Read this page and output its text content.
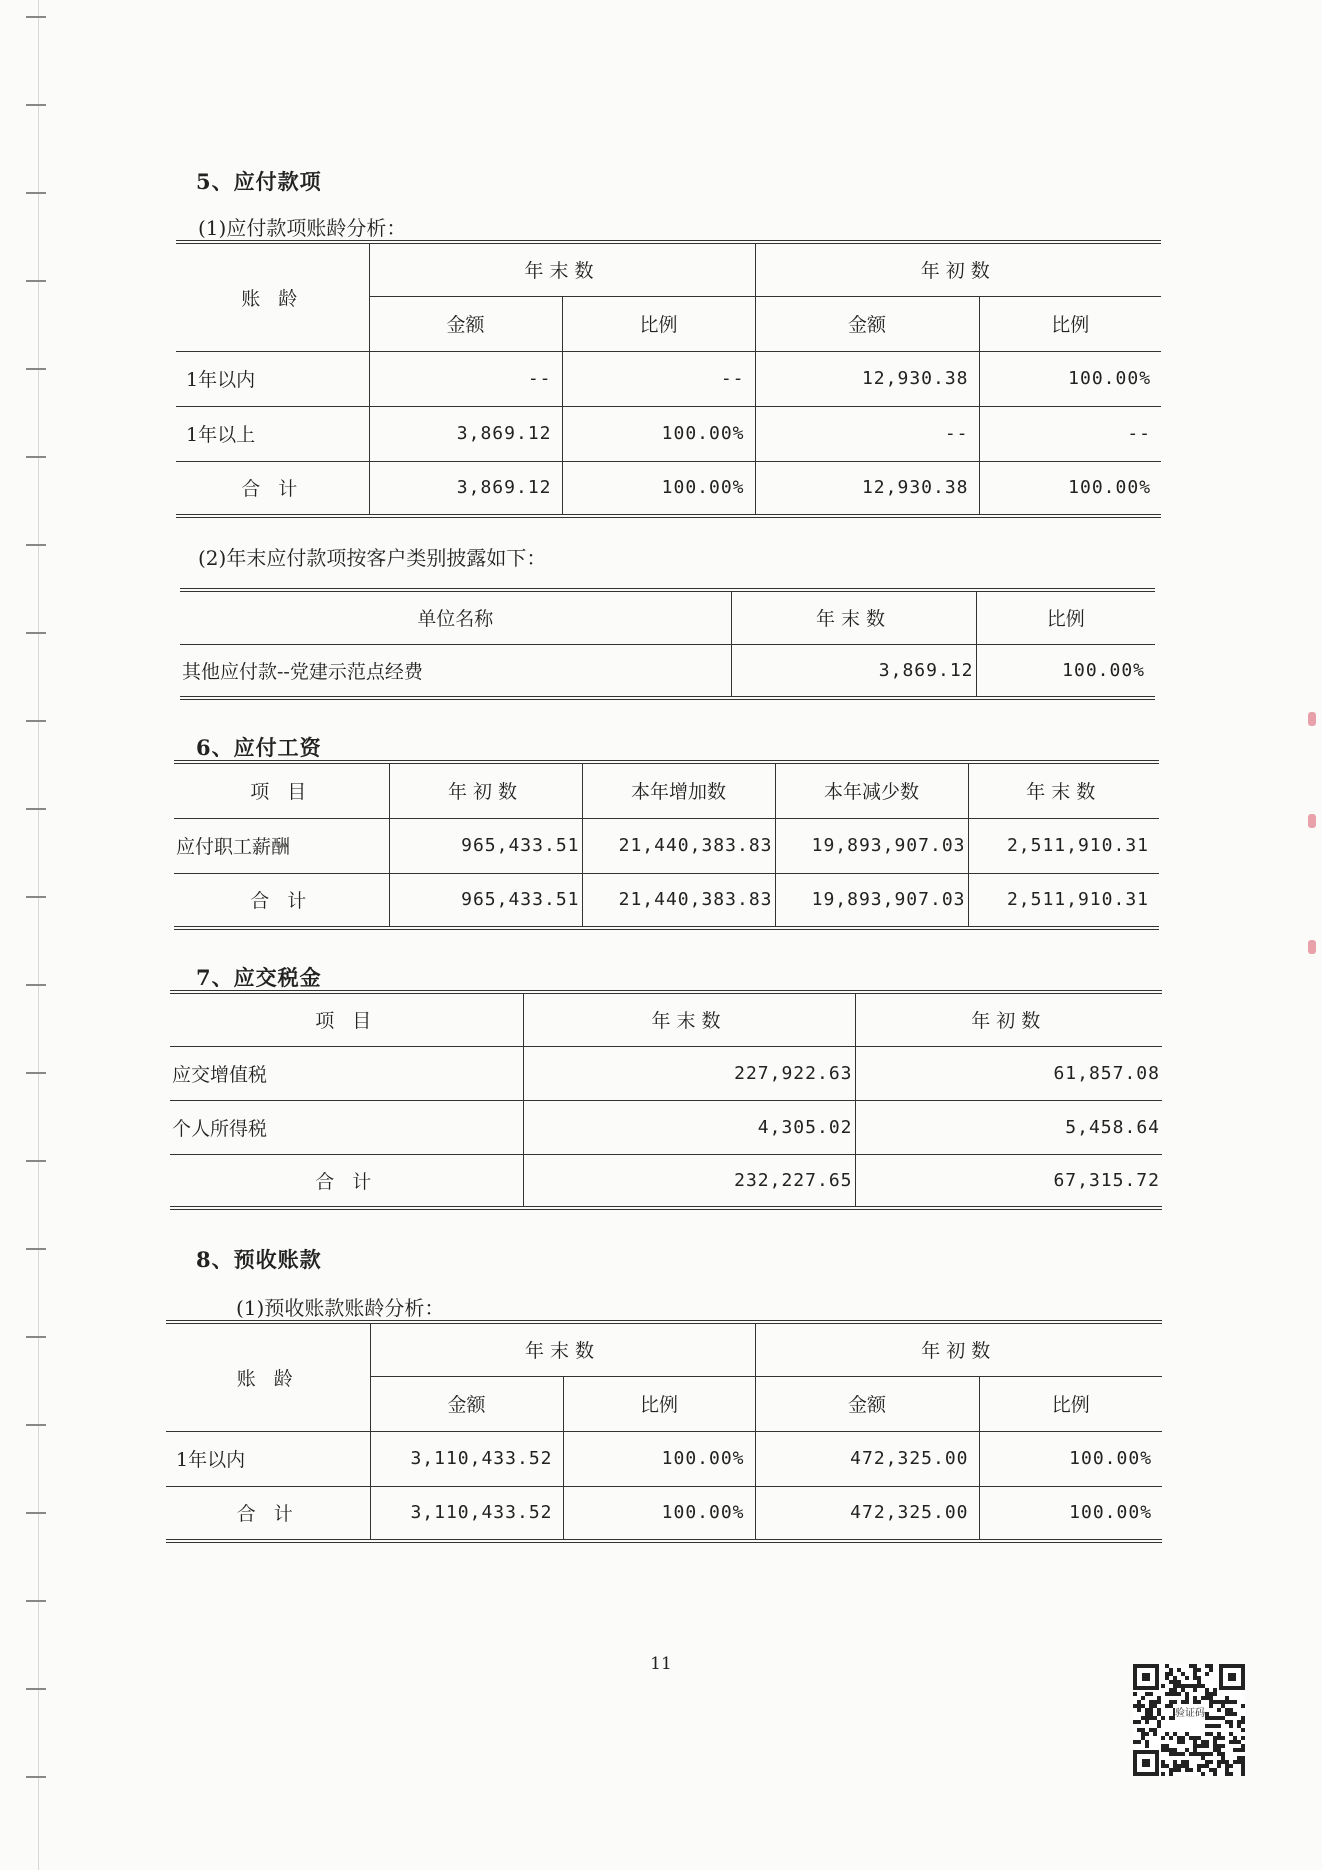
5、应付款项
(1)应付款项账龄分析：
账 龄	年末数		年初数	
	金额	比例	金额	比例
1年以内	--	--	12,930.38	100.00%
1年以上	3,869.12	100.00%	--	--
合 计	3,869.12	100.00%	12,930.38	100.00%
(2)年末应付款项按客户类别披露如下：
单位名称	年末数	比例
其他应付款--党建示范点经费	3,869.12	100.00%
6、应付工资
项 目	年初数	本年增加数	本年减少数	年末数
应付职工薪酬	965,433.51	21,440,383.83	19,893,907.03	2,511,910.31
合 计	965,433.51	21,440,383.83	19,893,907.03	2,511,910.31
7、应交税金
项 目	年末数	年初数
应交增值税	227,922.63	61,857.08
个人所得税	4,305.02	5,458.64
合 计	232,227.65	67,315.72
8、预收账款
(1)预收账款账龄分析：
账 龄	年末数		年初数	
	金额	比例	金额	比例
1年以内	3,110,433.52	100.00%	472,325.00	100.00%
合 计	3,110,433.52	100.00%	472,325.00	100.00%
11
验证码
